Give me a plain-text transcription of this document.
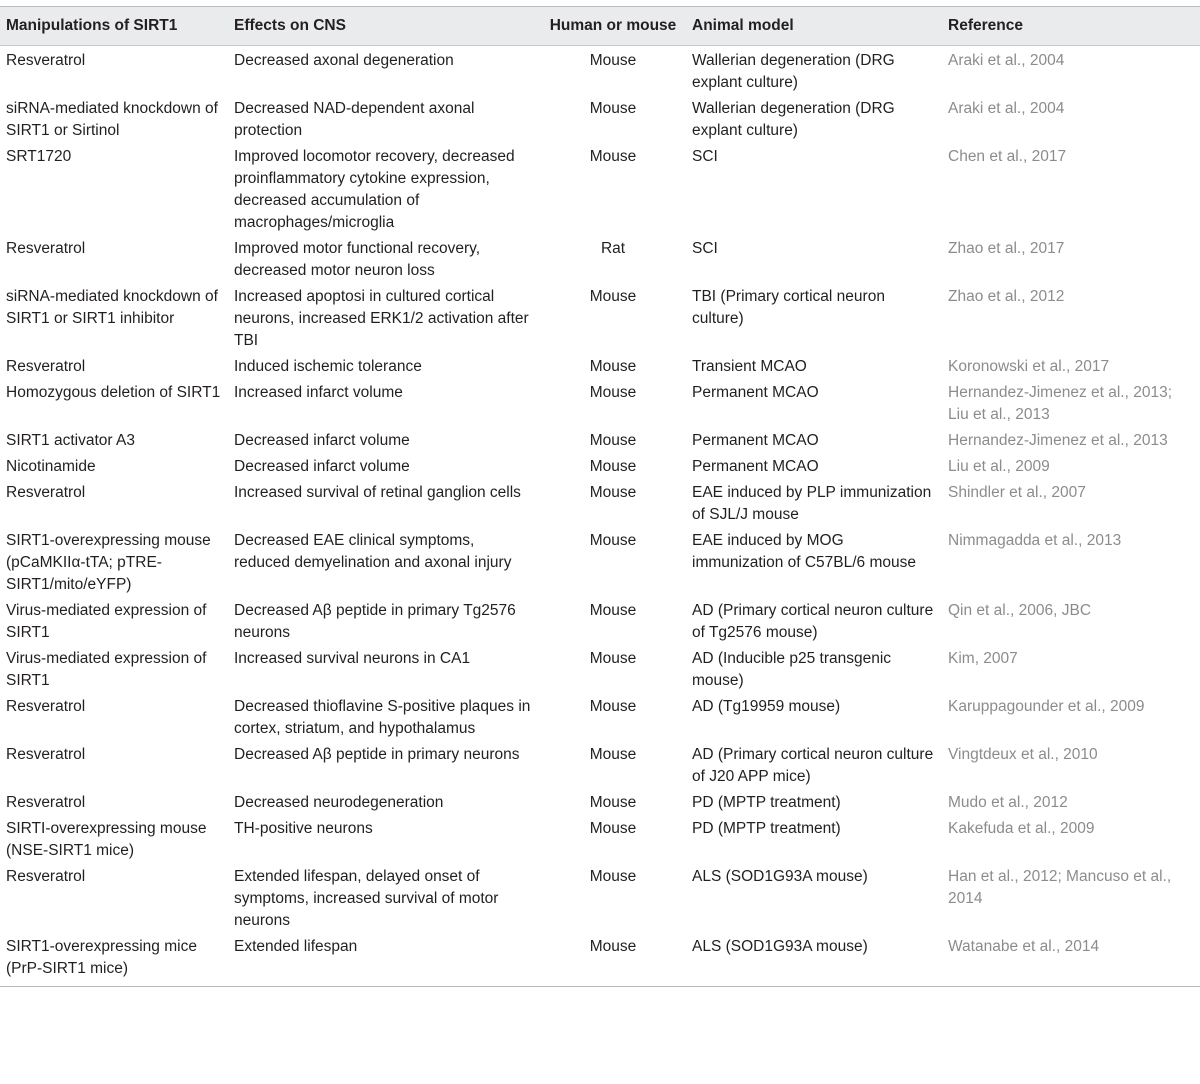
Manipulations of SIRT1	Effects on CNS	Human or mouse	Animal model	Reference
Resveratrol	Decreased axonal degeneration	Mouse	Wallerian degeneration (DRG explant culture)	Araki et al., 2004
siRNA-mediated knockdown of SIRT1 or Sirtinol	Decreased NAD-dependent axonal protection	Mouse	Wallerian degeneration (DRG explant culture)	Araki et al., 2004
SRT1720	Improved locomotor recovery, decreased proinflammatory cytokine expression, decreased accumulation of macrophages/microglia	Mouse	SCI	Chen et al., 2017
Resveratrol	Improved motor functional recovery, decreased motor neuron loss	Rat	SCI	Zhao et al., 2017
siRNA-mediated knockdown of SIRT1 or SIRT1 inhibitor	Increased apoptosi in cultured cortical neurons, increased ERK1/2 activation after TBI	Mouse	TBI (Primary cortical neuron culture)	Zhao et al., 2012
Resveratrol	Induced ischemic tolerance	Mouse	Transient MCAO	Koronowski et al., 2017
Homozygous deletion of SIRT1	Increased infarct volume	Mouse	Permanent MCAO	Hernandez-Jimenez et al., 2013; Liu et al., 2013
SIRT1 activator A3	Decreased infarct volume	Mouse	Permanent MCAO	Hernandez-Jimenez et al., 2013
Nicotinamide	Decreased infarct volume	Mouse	Permanent MCAO	Liu et al., 2009
Resveratrol	Increased survival of retinal ganglion cells	Mouse	EAE induced by PLP immunization of SJL/J mouse	Shindler et al., 2007
SIRT1-overexpressing mouse (pCaMKIIα-tTA; pTRE-SIRT1/mito/eYFP)	Decreased EAE clinical symptoms, reduced demyelination and axonal injury	Mouse	EAE induced by MOG immunization of C57BL/6 mouse	Nimmagadda et al., 2013
Virus-mediated expression of SIRT1	Decreased Aβ peptide in primary Tg2576 neurons	Mouse	AD (Primary cortical neuron culture of Tg2576 mouse)	Qin et al., 2006, JBC
Virus-mediated expression of SIRT1	Increased survival neurons in CA1	Mouse	AD (Inducible p25 transgenic mouse)	Kim, 2007
Resveratrol	Decreased thioflavine S-positive plaques in cortex, striatum, and hypothalamus	Mouse	AD (Tg19959 mouse)	Karuppagounder et al., 2009
Resveratrol	Decreased Aβ peptide in primary neurons	Mouse	AD (Primary cortical neuron culture of J20 APP mice)	Vingtdeux et al., 2010
Resveratrol	Decreased neurodegeneration	Mouse	PD (MPTP treatment)	Mudo et al., 2012
SIRTI-overexpressing mouse (NSE-SIRT1 mice)	TH-positive neurons	Mouse	PD (MPTP treatment)	Kakefuda et al., 2009
Resveratrol	Extended lifespan, delayed onset of symptoms, increased survival of motor neurons	Mouse	ALS (SOD1G93A mouse)	Han et al., 2012; Mancuso et al., 2014
SIRT1-overexpressing mice (PrP-SIRT1 mice)	Extended lifespan	Mouse	ALS (SOD1G93A mouse)	Watanabe et al., 2014
